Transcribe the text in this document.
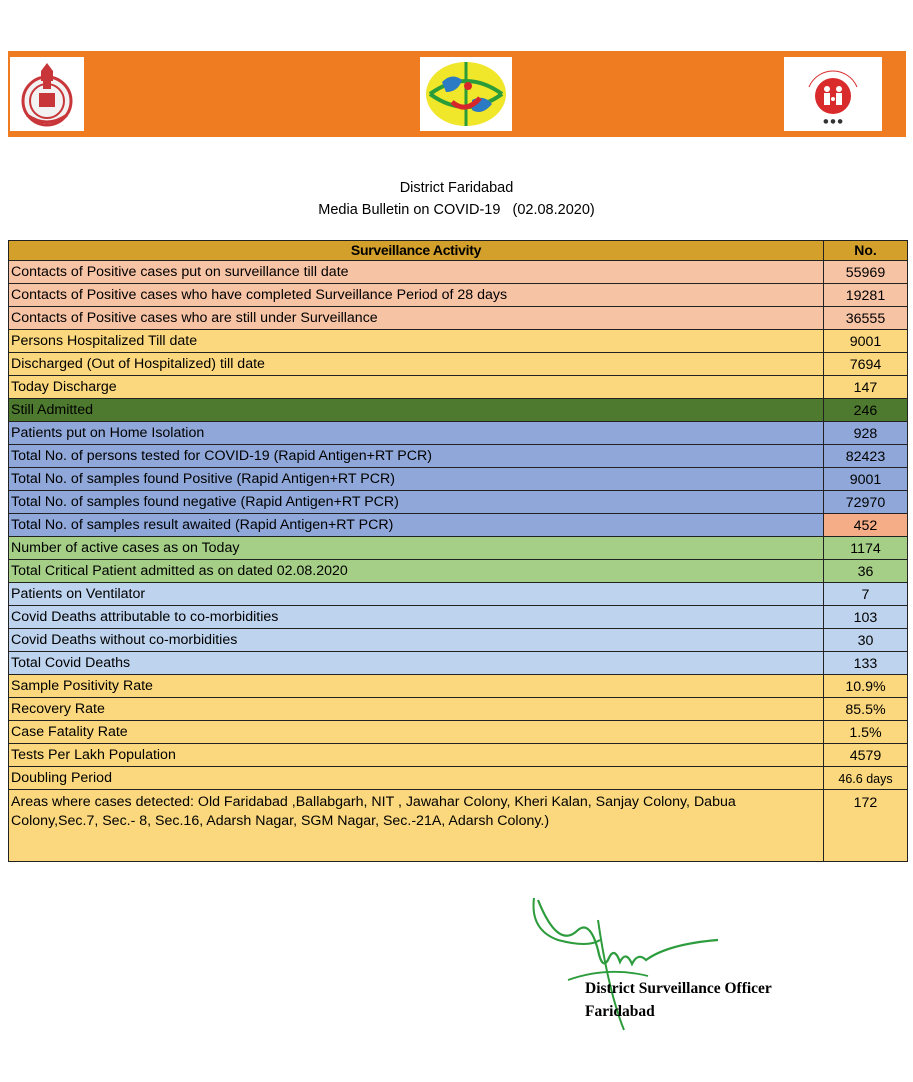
● ● ●
District Faridabad
Media Bulletin on COVID-19   (02.08.2020)
Surveillance Activity	No.
Contacts of Positive cases put on surveillance till date	55969
Contacts of Positive cases who have completed Surveillance Period of 28 days	19281
Contacts of Positive cases who are still under Surveillance	36555
Persons Hospitalized Till date	9001
Discharged (Out of Hospitalized) till date	7694
Today Discharge	147
Still Admitted	246
Patients put on Home Isolation	928
Total No. of persons tested for COVID-19 (Rapid Antigen+RT PCR)	82423
Total No. of samples found Positive (Rapid Antigen+RT PCR)	9001
Total No. of samples found negative (Rapid Antigen+RT PCR)	72970
Total No. of samples result awaited (Rapid Antigen+RT PCR)	452
Number of active cases as on Today	1174
Total Critical Patient admitted as on dated 02.08.2020	36
Patients on Ventilator	7
Covid Deaths attributable to co-morbidities	103
Covid Deaths without co-morbidities	30
Total Covid Deaths	133
Sample Positivity Rate	10.9%
Recovery Rate	85.5%
Case Fatality Rate	1.5%
Tests Per Lakh Population	4579
Doubling Period	46.6 days
Areas where cases detected: Old Faridabad ,Ballabgarh, NIT , Jawahar Colony, Kheri Kalan, Sanjay Colony, Dabua Colony,Sec.7, Sec.- 8, Sec.16, Adarsh Nagar, SGM Nagar, Sec.-21A, Adarsh Colony.)	172
District Surveillance Officer
Faridabad
